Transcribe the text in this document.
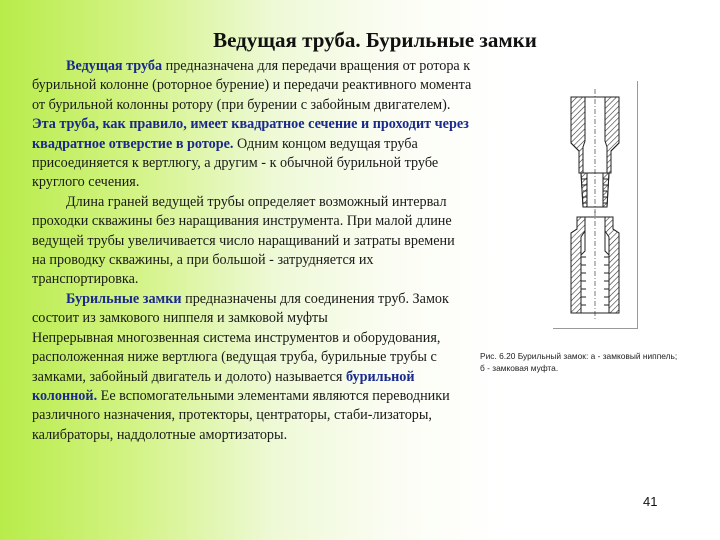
Ведущая труба. Бурильные замки

Ведущая труба предназначена для передачи вращения от ротора к бурильной колонне (роторное бурение) и передачи реактивного момента от бурильной колонны ротору (при бурении с забойным двигателем). Эта труба, как правило, имеет квадратное сечение и проходит через квадратное отверстие в роторе. Одним концом ведущая труба присоединяется к вертлюгу, а другим - к обычной бурильной трубе круглого сечения.

Длина граней ведущей трубы определяет возможный интервал проходки скважины без наращивания инструмента. При малой длине ведущей трубы увеличивается число наращиваний и затраты времени на проводку скважины, а при большой - затрудняется их транспортировка.

Бурильные замки предназначены для соединения труб. Замок состоит из замкового ниппеля и замковой муфты

Непрерывная многозвенная система инструментов и оборудования, расположенная ниже вертлюга (ведущая труба, бурильные трубы с замками, забойный двигатель и долото) называется бурильной колонной. Ее вспомогательными элементами являются переводники различного назначения, протекторы, центраторы, стаби-лизаторы, калибраторы, наддолотные амортизаторы.

Рис. 6.20 Бурильный замок: а - замковый ниппель;

б - замковая муфта.

41
